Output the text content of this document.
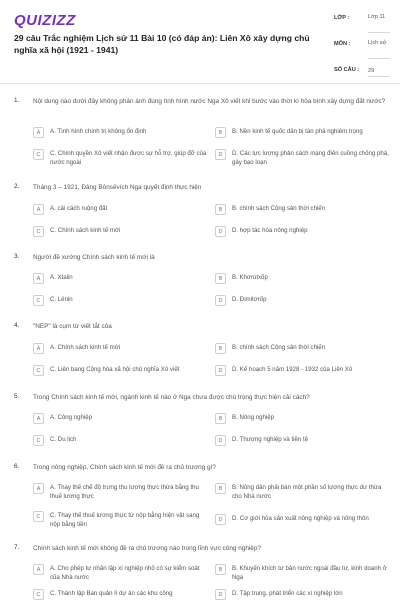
QUIZIZZ
29 câu Trắc nghiệm Lịch sử 11 Bài 10 (có đáp án): Liên Xô xây dựng chủ nghĩa xã hội (1921 - 1941)
LỚP :	Lớp 11
MÔN :	Lịch sử
SỐ CÂU : 29
1. Nội dung nào dưới đây không phản ánh đúng tình hình nước Nga Xô viết khi bước vào thời kì hòa bình xây dựng đất nước?
A	A. Tình hình chính trị không ổn định	B	B. Nền kinh tế quốc dân bị tàn phá nghiêm trọng
C	C. Chính quyền Xô viết nhận được sự hỗ trợ, giúp đỡ của nước ngoài
D	D. Các lực lượng phản cách mạng điên cuồng chống phá, gây bạo loạn
2. Tháng 3 – 1921, Đảng Bônsêvích Nga quyết định thực hiện
A	A. cải cách ruộng đất	B	B. chính sách Cộng sản thời chiến
C	C. Chính sách kinh tế mới	D	D. hợp tác hóa nông nghiệp
3. Người đề xướng Chính sách kinh tế mới là
A	A. Xtalin	B	B. Khơrútxốp
C	C. Lênin	D	D. Đimitơrốp
4. "NEP" là cụm từ viết tắt của
A	A. Chính sách kinh tế mới	B	B. chính sách Cộng sản thời chiến
C	C. Liên bang Cộng hòa xã hội chủ nghĩa Xô viết	D	D. Kế hoạch 5 năm 1928 - 1932 của Liên Xô
5. Trong Chính sách kinh tế mới, ngành kinh tế nào ở Nga chưa được chú trọng thực hiện cải cách?
A	A. Công nghiệp	B	B. Nông nghiệp
C	C. Du lịch	D	D. Thương nghiệp và tiền tệ
6. Trong nông nghiệp, Chính sách kinh tế mới đề ra chủ trương gì?
A	A. Thay thế chế độ trưng thu lương thực thừa bằng thu thuế lương thực
B	B. Nông dân phải bán một phần số lương thực dư thừa cho Nhà nước
C	C. Thay thế thuế lương thực từ nộp bằng hiện vật sang nộp bằng tiền
D	D. Cơ giới hóa sản xuất nông nghiệp và nông thôn
7. Chính sách kinh tế mới không đề ra chủ trương nào trong lĩnh vực công nghiệp?
A	A. Cho phép tư nhân lập xí nghiệp nhỏ có sự kiểm soát của Nhà nước
B	B. Khuyến khích tư bản nước ngoài đầu tư, kinh doanh ở Nga
C	C. Thành lập Ban quản lí dự án các khu công	D	D. Tập trung, phát triển các xí nghiệp lớn
